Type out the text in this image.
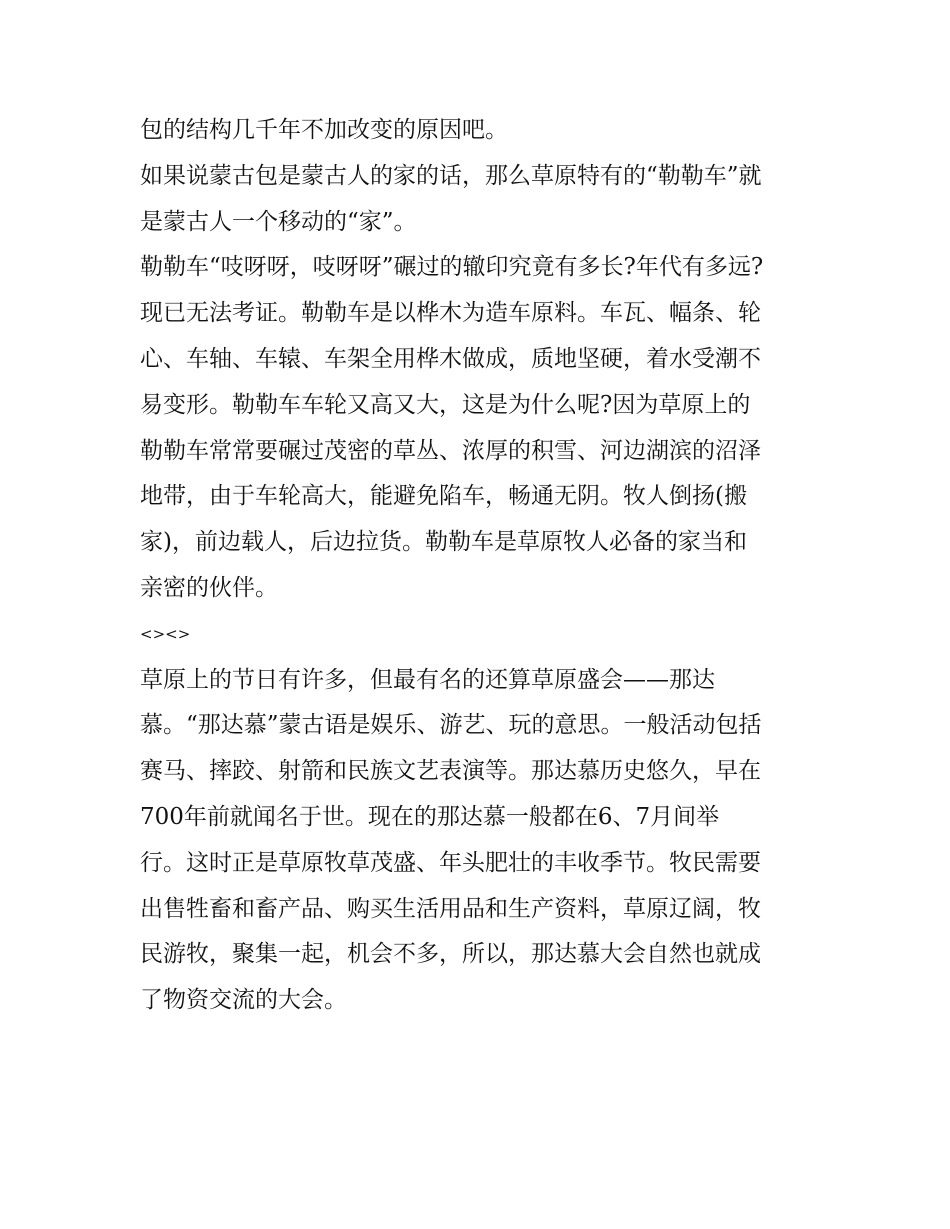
包的结构几千年不加改变的原因吧。
如果说蒙古包是蒙古人的家的话，那么草原特有的“勒勒车”就
是蒙古人一个移动的“家”。
勒勒车“吱呀呀，吱呀呀”碾过的辙印究竟有多长?年代有多远?
现已无法考证。勒勒车是以桦木为造车原料。车瓦、幅条、轮
心、车轴、车辕、车架全用桦木做成，质地坚硬，着水受潮不
易变形。勒勒车车轮又高又大，这是为什么呢?因为草原上的
勒勒车常常要碾过茂密的草丛、浓厚的积雪、河边湖滨的沼泽
地带，由于车轮高大，能避免陷车，畅通无阴。牧人倒扬(搬
家)，前边载人，后边拉货。勒勒车是草原牧人必备的家当和
亲密的伙伴。
<><>
草原上的节日有许多，但最有名的还算草原盛会——那达
慕。“那达慕”蒙古语是娱乐、游艺、玩的意思。一般活动包括
赛马、摔跤、射箭和民族文艺表演等。那达慕历史悠久，早在
700年前就闻名于世。现在的那达慕一般都在6、7月间举
行。这时正是草原牧草茂盛、年头肥壮的丰收季节。牧民需要
出售牲畜和畜产品、购买生活用品和生产资料，草原辽阔，牧
民游牧，聚集一起，机会不多，所以，那达慕大会自然也就成
了物资交流的大会。
